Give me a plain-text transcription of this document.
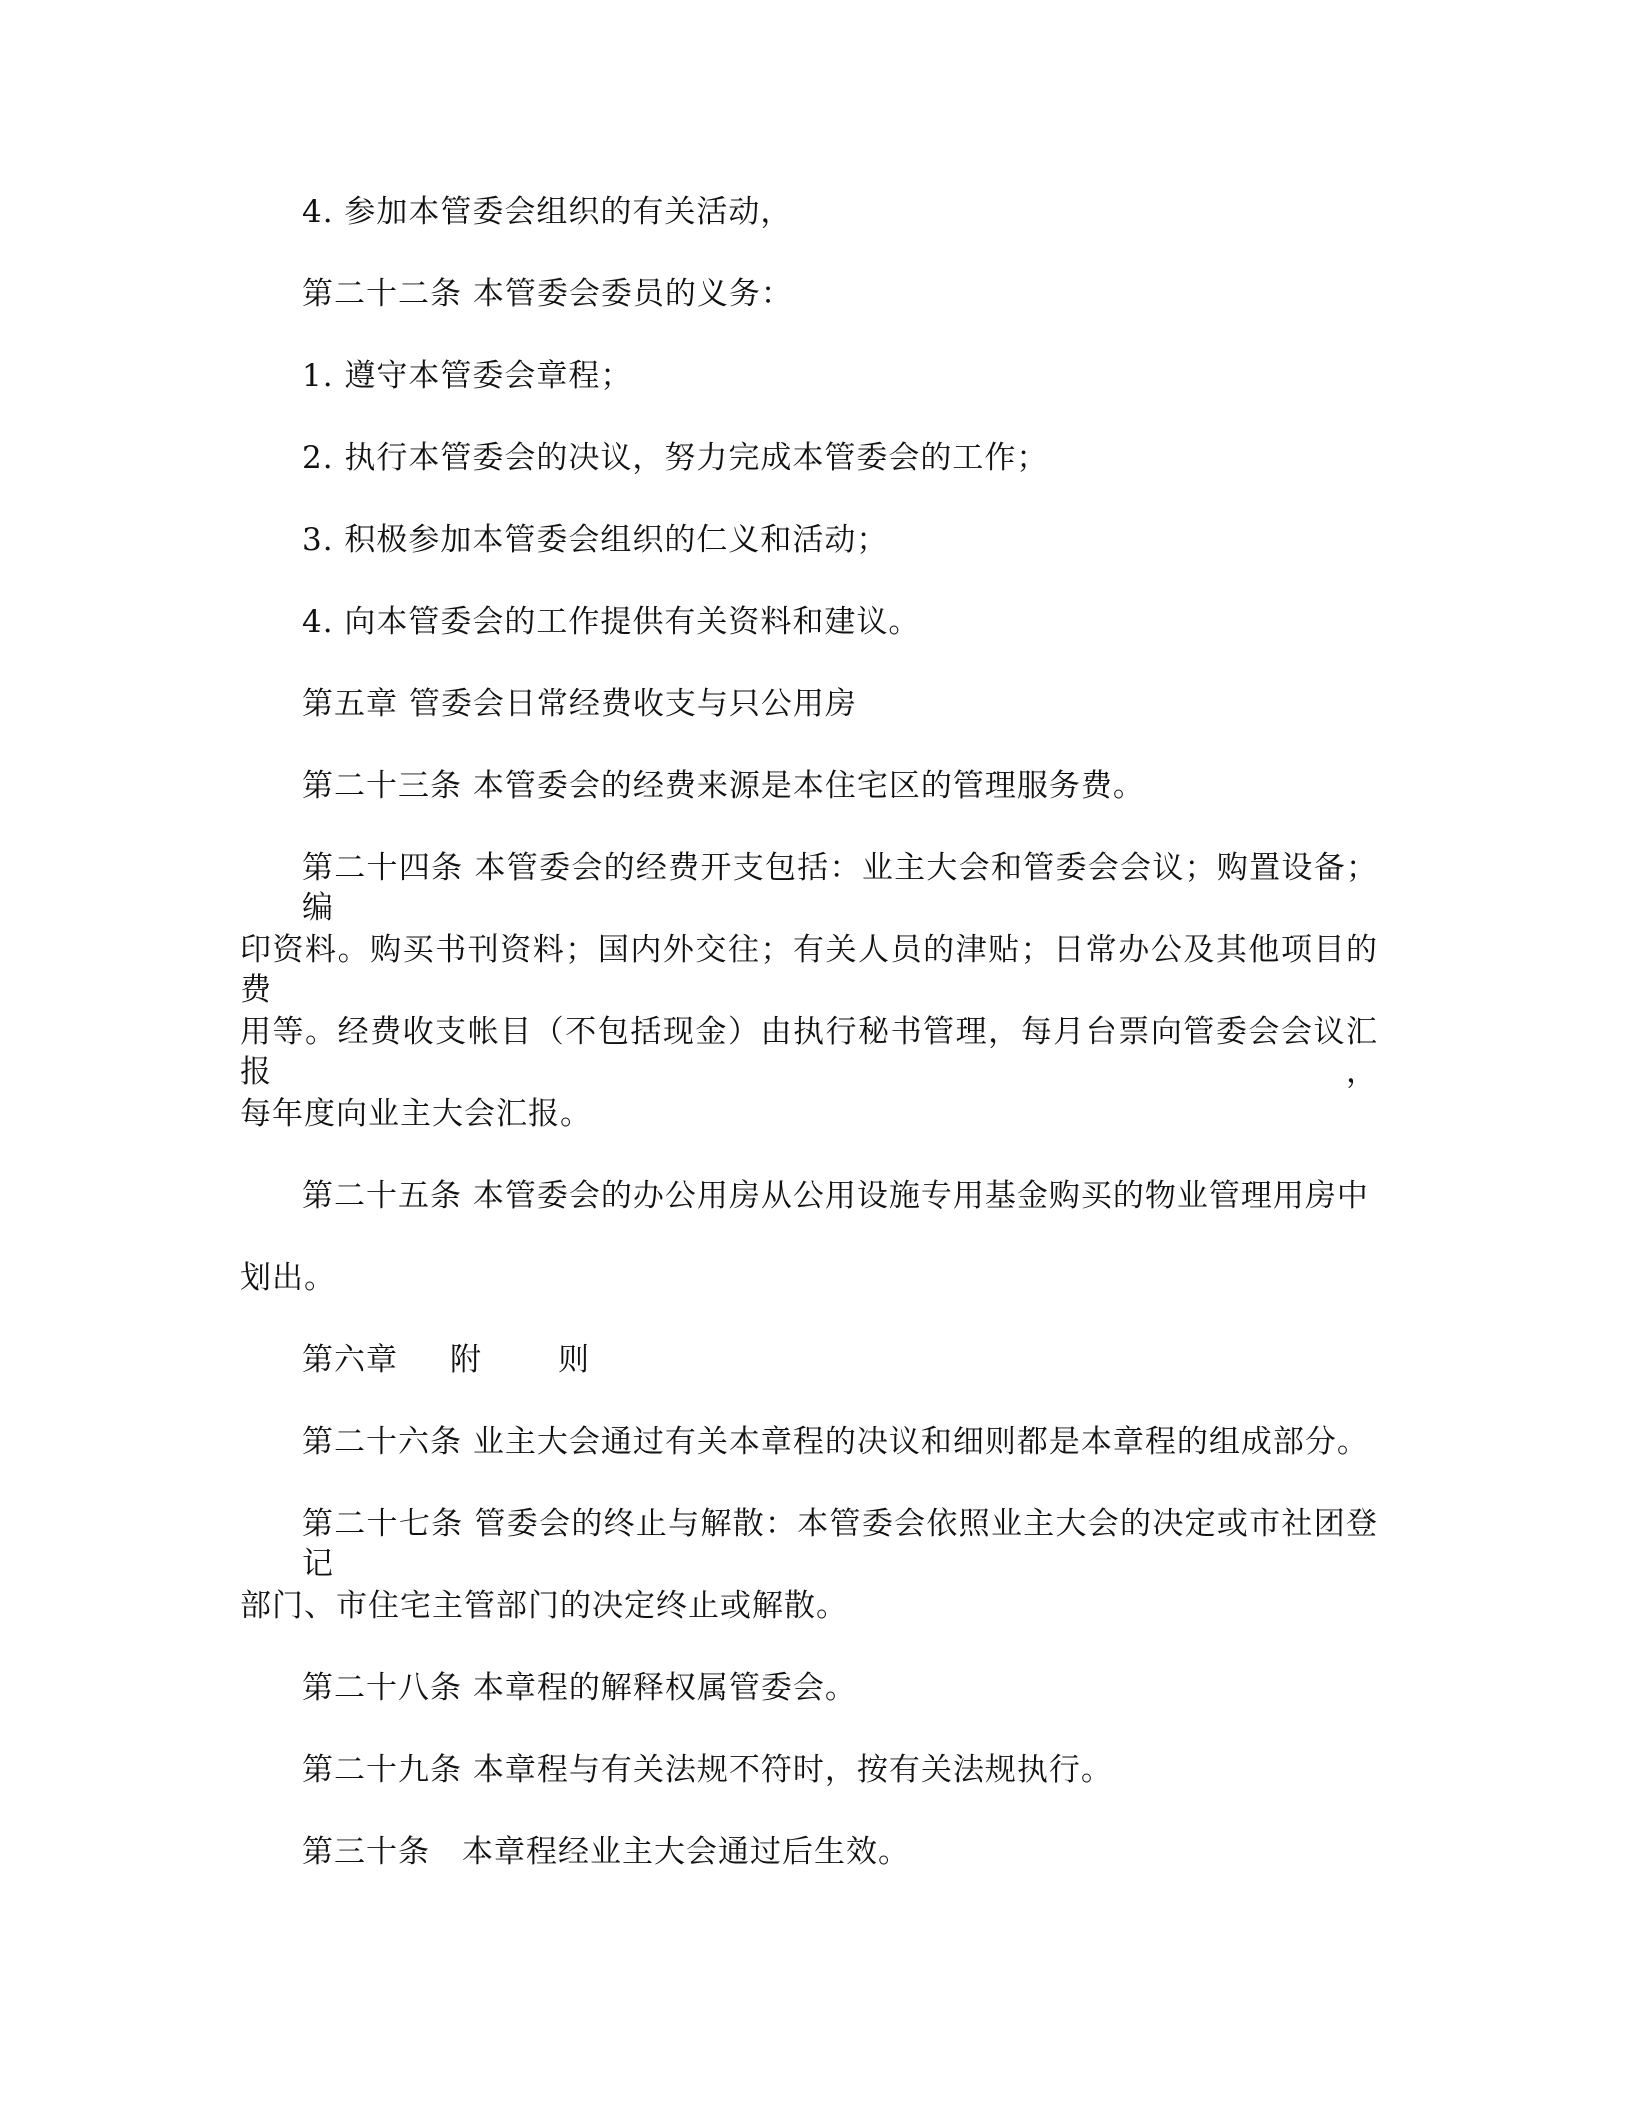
4. 参加本管委会组织的有关活动，
第二十二条 本管委会委员的义务：
1. 遵守本管委会章程；
2. 执行本管委会的决议，努力完成本管委会的工作；
3. 积极参加本管委会组织的仁义和活动；
4. 向本管委会的工作提供有关资料和建议。
第五章 管委会日常经费收支与只公用房
第二十三条 本管委会的经费来源是本住宅区的管理服务费。
第二十四条 本管委会的经费开支包括：业主大会和管委会会议；购置设备；编
印资料。购买书刊资料；国内外交往；有关人员的津贴；日常办公及其他项目的费
用等。经费收支帐目（不包括现金）由执行秘书管理，每月台票向管委会会议汇报，
每年度向业主大会汇报。
第二十五条 本管委会的办公用房从公用设施专用基金购买的物业管理用房中
划出。
第六章 附 则
第二十六条 业主大会通过有关本章程的决议和细则都是本章程的组成部分。
第二十七条 管委会的终止与解散：本管委会依照业主大会的决定或市社团登记
部门、市住宅主管部门的决定终止或解散。
第二十八条 本章程的解释权属管委会。
第二十九条 本章程与有关法规不符时，按有关法规执行。
第三十条　本章程经业主大会通过后生效。
